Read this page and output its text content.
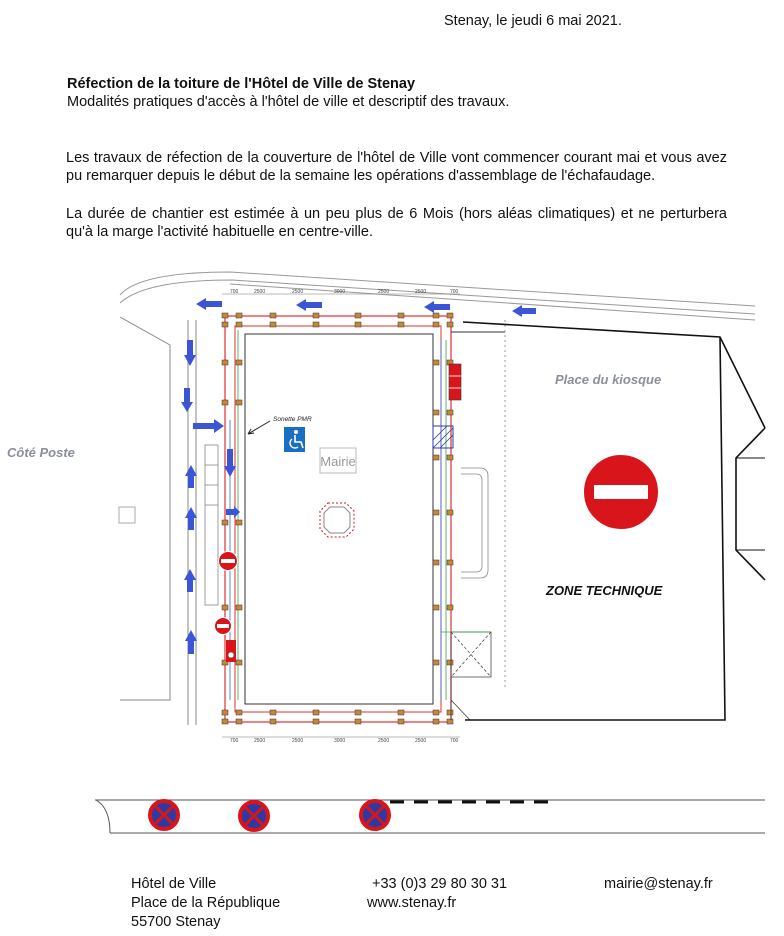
Stenay, le jeudi 6 mai 2021.
Réfection de la toiture de l'Hôtel de Ville de Stenay
Modalités pratiques d'accès à l'hôtel de ville et descriptif des travaux.
Les travaux de réfection de la couverture de l'hôtel de Ville vont commencer courant mai et vous avez pu remarquer depuis le début de la semaine les opérations d'assemblage de l'échafaudage.
La durée de chantier est estimée à un peu plus de 6 Mois (hors aléas climatiques) et ne perturbera qu'à la marge l'activité habituelle en centre-ville.
700	2500	2500	3000	2500	2500	700
700	2500	2500	3000	2500	2500	700
Mairie
Sonette PMR
Place du kiosque
Côté Poste
ZONE TECHNIQUE
Hôtel de Ville
Place de la République
55700 Stenay
+33 (0)3 29 80 30 31
www.stenay.fr
mairie@stenay.fr
